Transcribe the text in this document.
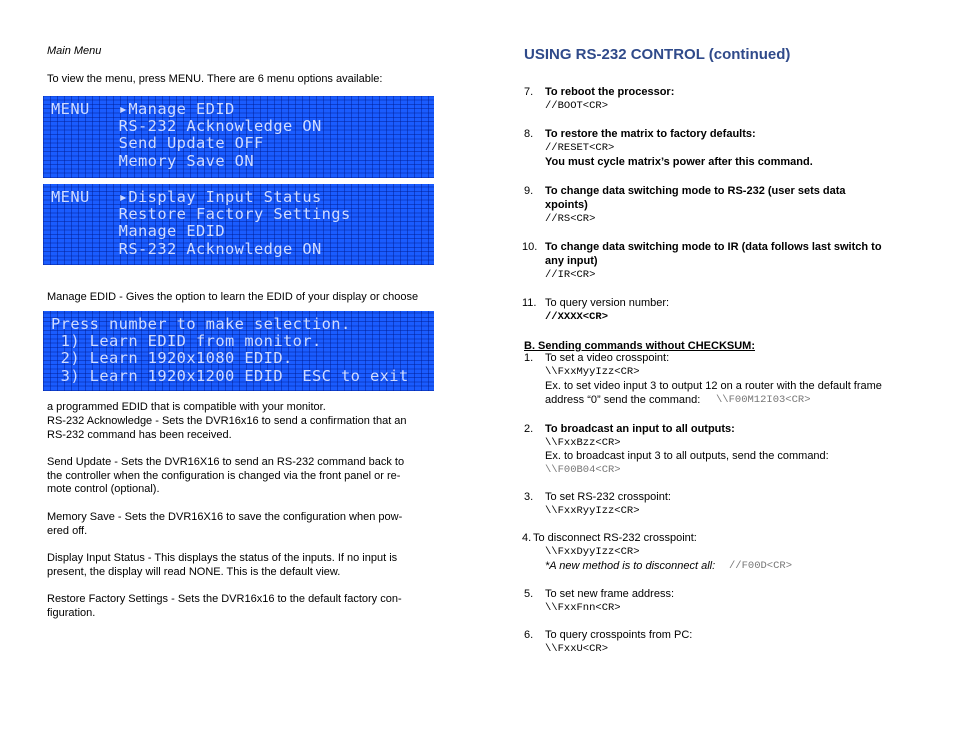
Main Menu
To view the menu, press MENU. There are 6 menu options available:
MENU   ▸Manage EDID
RS-232 Acknowledge ON
Send Update OFF
Memory Save ON
MENU   ▸Display Input Status
Restore Factory Settings
Manage EDID
RS-232 Acknowledge ON
Manage EDID - Gives the option to learn the EDID of your display or choose
Press number to make selection.
1) Learn EDID from monitor.
2) Learn 1920x1080 EDID.
3) Learn 1920x1200 EDID  ESC to exit
a programmed EDID that is compatible with your monitor.
RS-232 Acknowledge - Sets the DVR16x16 to send a confirmation that an
RS-232 command has been received.
Send Update - Sets the DVR16X16 to send an RS-232 command back to
the controller when the configuration is changed via the front panel or re-
mote control (optional).
Memory Save - Sets the DVR16X16 to save the configuration when pow-
ered off.
Display Input Status - This displays the status of the inputs. If no input is
present, the display will read NONE. This is the default view.
Restore Factory Settings - Sets the DVR16x16 to the default factory con-
figuration.
USING RS-232 CONTROL (continued)
7. To reboot the processor:
//BOOT<CR>
8. To restore the matrix to factory defaults:
//RESET<CR>
You must cycle matrix’s power after this command.
9. To change data switching mode to RS-232 (user sets data
xpoints)
//RS<CR>
10. To change data switching mode to IR (data follows last switch to
any input)
//IR<CR>
11. To query version number:
//XXXX<CR>
B. Sending commands without CHECKSUM:
1. To set a video crosspoint:
\\FxxMyyIzz<CR>
Ex. to set video input 3 to output 12 on a router with the default frame
address “0” send the command: \\F00M12I03<CR>
2. To broadcast an input to all outputs:
\\FxxBzz<CR>
Ex. to broadcast input 3 to all outputs, send the command:
\\F00B04<CR>
3. To set RS-232 crosspoint:
\\FxxRyyIzz<CR>
4. To disconnect RS-232 crosspoint:
\\FxxDyyIzz<CR>
*A new method is to disconnect all: //F00D<CR>
5. To set new frame address:
\\FxxFnn<CR>
6. To query crosspoints from PC:
\\FxxU<CR>
